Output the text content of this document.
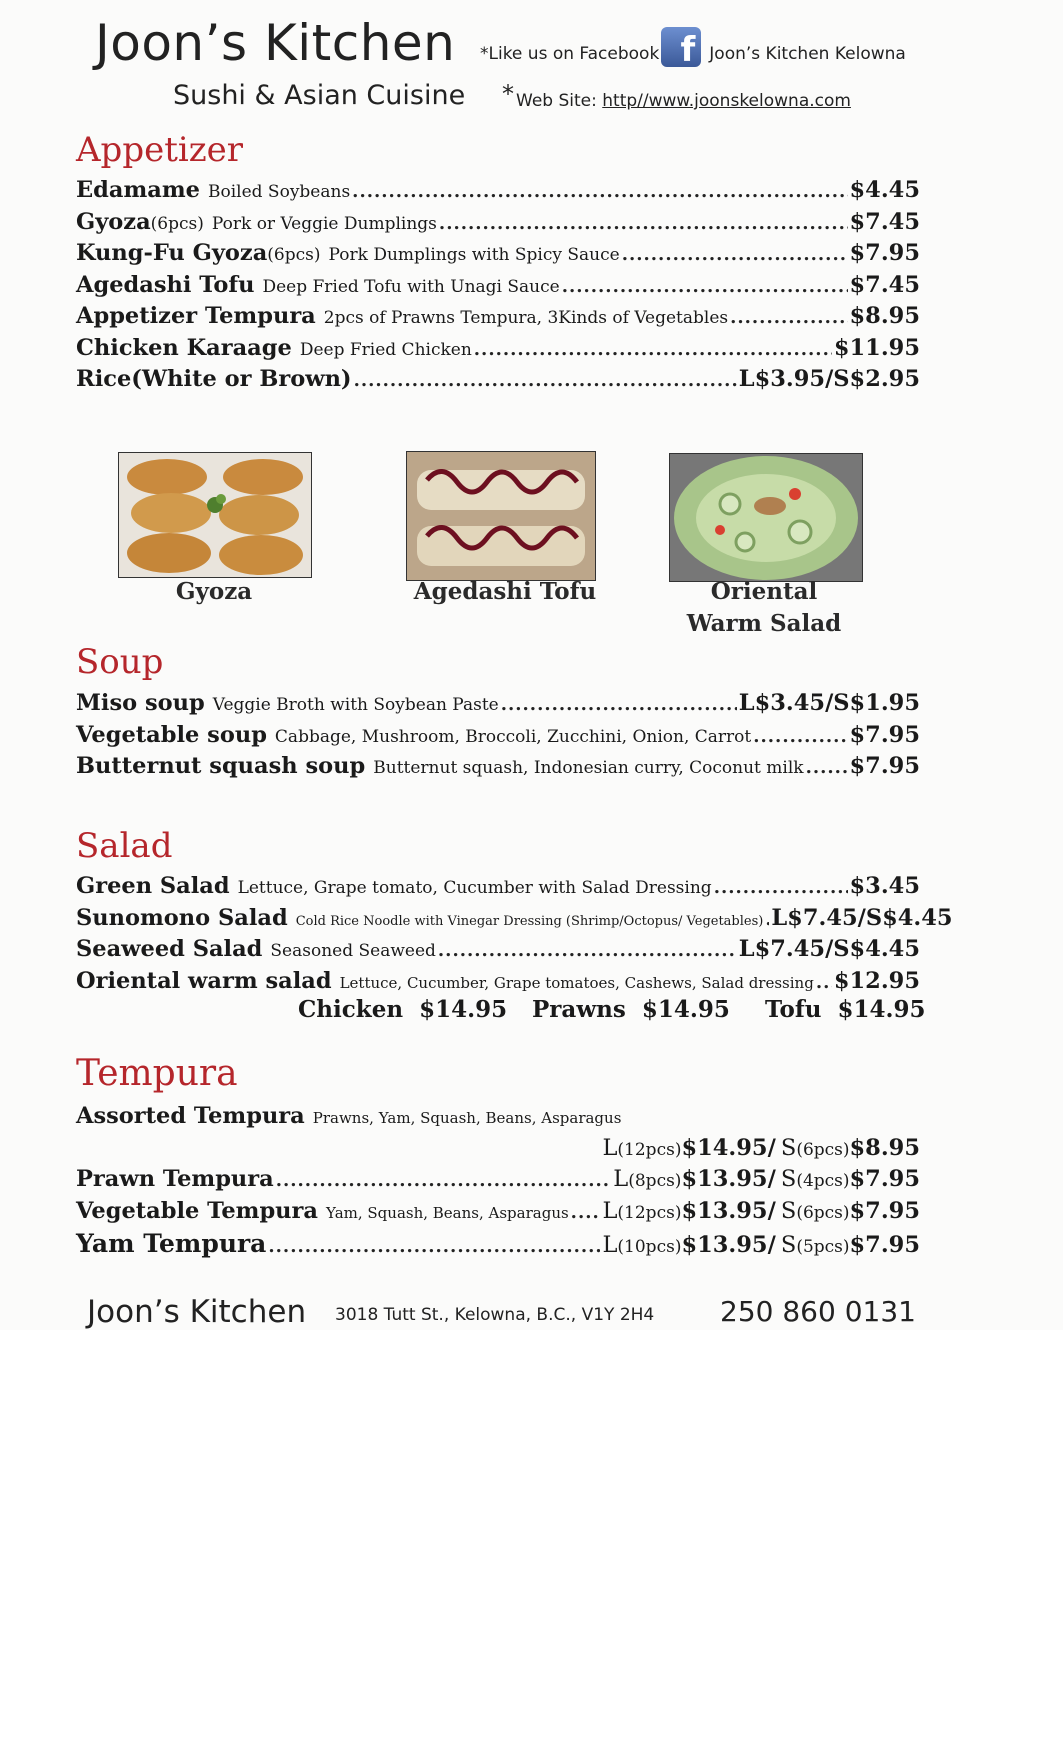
Joon’s Kitchen
Sushi & Asian Cuisine
*Like us on Facebook f Joon’s Kitchen Kelowna
* Web Site: http//www.joonskelowna.com
Appetizer
Edamame Boiled Soybeans .....	$4.45
Gyoza (6pcs) Pork or Veggie Dumplings .....	$7.45
Kung-Fu Gyoza (6pcs) Pork Dumplings with Spicy Sauce .....	$7.95
Agedashi Tofu Deep Fried Tofu with Unagi Sauce .....	$7.45
Appetizer Tempura 2pcs of Prawns Tempura, 3Kinds of Vegetables .....	$8.95
Chicken Karaage Deep Fried Chicken .....	$11.95
Rice(White or Brown) .....	L$3.95/S$2.95
Gyoza	Agedashi Tofu	Oriental
Warm Salad
Soup
Miso soup Veggie Broth with Soybean Paste .....	L$3.45/S$1.95
Vegetable soup Cabbage, Mushroom, Broccoli, Zucchini, Onion, Carrot .....	$7.95
Butternut squash soup Butternut squash, Indonesian curry, Coconut milk ..... $7.95
Salad
Green Salad Lettuce, Grape tomato, Cucumber with Salad Dressing .....	$3.45
Sunomono Salad Cold Rice Noodle with Vinegar Dressing (Shrimp/Octopus/ Vegetables) ..... L$7.45/S$4.45
Seaweed Salad Seasoned Seaweed .....	L$7.45/S$4.45
Oriental warm salad Lettuce, Cucumber, Grape tomatoes, Cashews, Salad dressing ..... $12.95
Chicken $14.95 Prawns $14.95 Tofu $14.95
Tempura
Assorted Tempura Prawns, Yam, Squash, Beans, Asparagus
L (12pcs) $14.95/
S (6pcs) $8.95
Prawn Tempura .....	L (8pcs) $13.95/
S (4pcs) $7.95
Vegetable Tempura Yam, Squash, Beans, Asparagus ..... L (12pcs) $13.95/
S (6pcs) $7.95
Yam Tempura .....	L (10pcs) $13.95/
S (5pcs) $7.95
Joon’s Kitchen 3018 Tutt St., Kelowna, B.C., V1Y 2H4 250 860 0131
